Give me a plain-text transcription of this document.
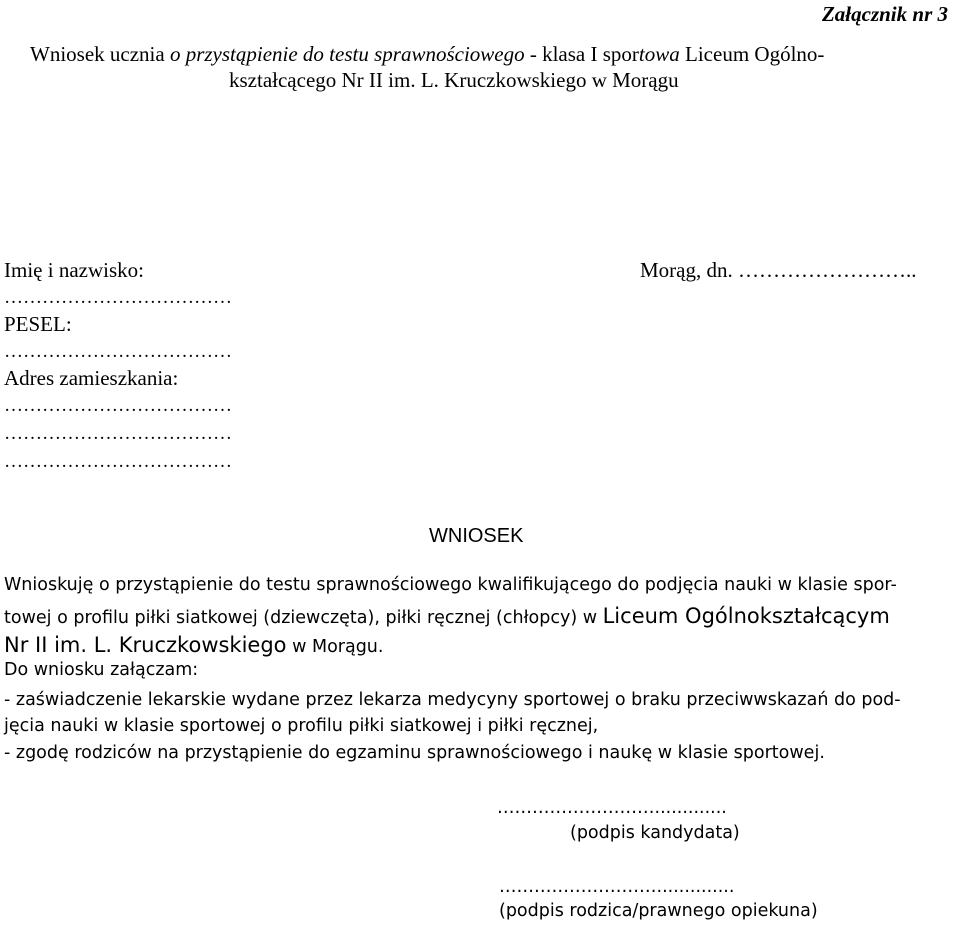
Załącznik nr 3
Wniosek ucznia o przystąpienie do testu sprawnościowego - klasa I sportowa Liceum Ogólno-
kształcącego Nr II im. L. Kruczkowskiego w Morągu
Imię i nazwisko:	Morąg, dn. ……………………..
………………………………
PESEL:
………………………………
Adres zamieszkania:
………………………………
………………………………
………………………………
WNIOSEK
Wnioskuję o przystąpienie do testu sprawnościowego kwalifikującego do podjęcia nauki w klasie spor-
towej o profilu piłki siatkowej (dziewczęta), piłki ręcznej (chłopcy) w Liceum Ogólnokształcącym
Nr II im. L. Kruczkowskiego w Morągu.
Do wniosku załączam:
- zaświadczenie lekarskie wydane przez lekarza medycyny sportowej o braku przeciwwskazań do pod-
jęcia nauki w klasie sportowej o profilu piłki siatkowej i piłki ręcznej,
- zgodę rodziców na przystąpienie do egzaminu sprawnościowego i naukę w klasie sportowej.
……………………….............
(podpis kandydata)
………………………..............
(podpis rodzica/prawnego opiekuna)
